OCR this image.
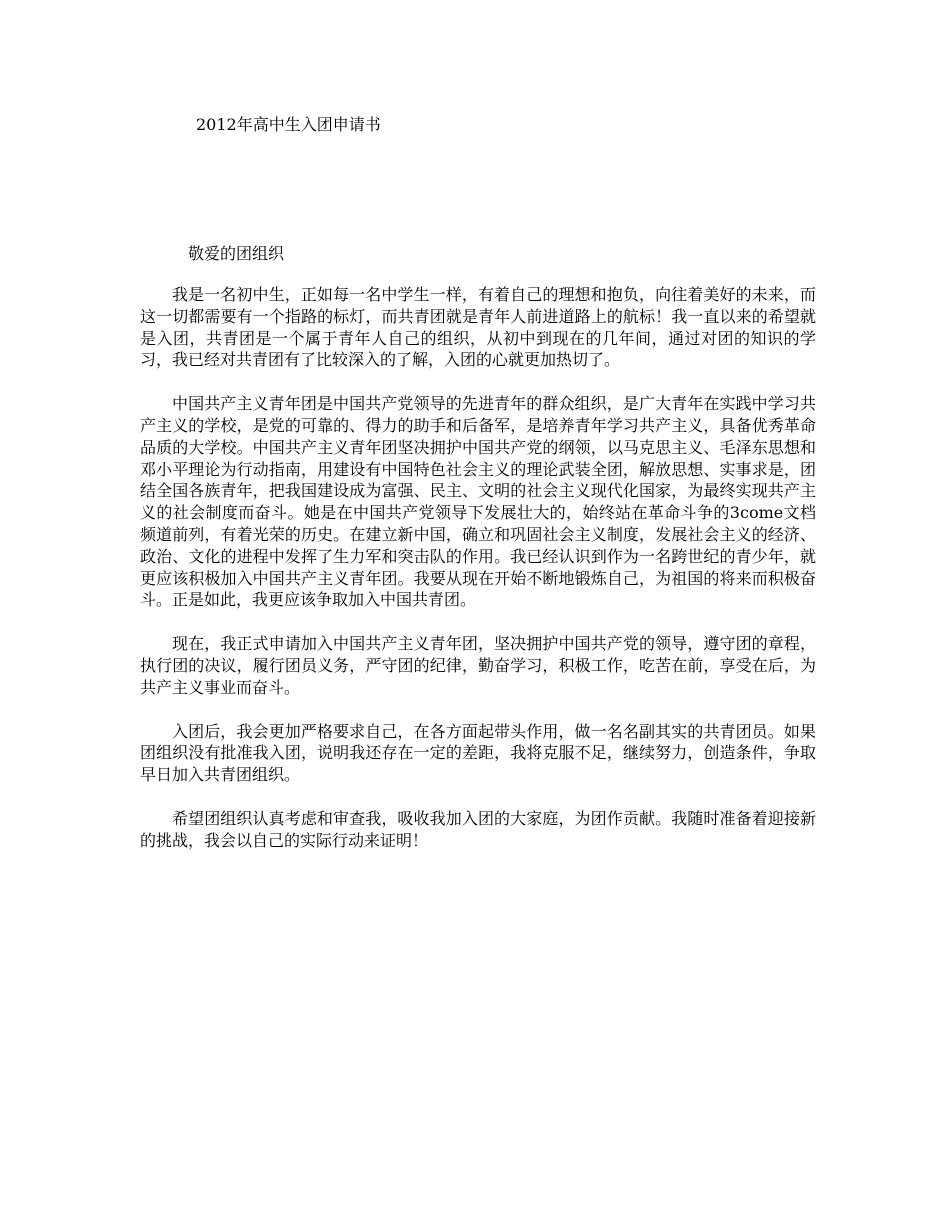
2012年高中生入团申请书
敬爱的团组织

我是一名初中生，正如每一名中学生一样，有着自己的理想和抱负，向往着美好的未来，而这一切都需要有一个指路的标灯，而共青团就是青年人前进道路上的航标！我一直以来的希望就是入团，共青团是一个属于青年人自己的组织，从初中到现在的几年间，通过对团的知识的学习，我已经对共青团有了比较深入的了解，入团的心就更加热切了。

中国共产主义青年团是中国共产党领导的先进青年的群众组织，是广大青年在实践中学习共产主义的学校，是党的可靠的、得力的助手和后备军，是培养青年学习共产主义，具备优秀革命品质的大学校。中国共产主义青年团坚决拥护中国共产党的纲领，以马克思主义、毛泽东思想和邓小平理论为行动指南，用建设有中国特色社会主义的理论武装全团，解放思想、实事求是，团结全国各族青年，把我国建设成为富强、民主、文明的社会主义现代化国家，为最终实现共产主义的社会制度而奋斗。她是在中国共产党领导下发展壮大的，始终站在革命斗争的3come文档频道前列，有着光荣的历史。在建立新中国，确立和巩固社会主义制度，发展社会主义的经济、政治、文化的进程中发挥了生力军和突击队的作用。我已经认识到作为一名跨世纪的青少年，就更应该积极加入中国共产主义青年团。我要从现在开始不断地锻炼自己，为祖国的将来而积极奋斗。正是如此，我更应该争取加入中国共青团。

现在，我正式申请加入中国共产主义青年团，坚决拥护中国共产党的领导，遵守团的章程，执行团的决议，履行团员义务，严守团的纪律，勤奋学习，积极工作，吃苦在前，享受在后，为共产主义事业而奋斗。

入团后，我会更加严格要求自己，在各方面起带头作用，做一名名副其实的共青团员。如果团组织没有批准我入团，说明我还存在一定的差距，我将克服不足，继续努力，创造条件，争取早日加入共青团组织。

希望团组织认真考虑和审查我，吸收我加入团的大家庭，为团作贡献。我随时准备着迎接新的挑战，我会以自己的实际行动来证明！
